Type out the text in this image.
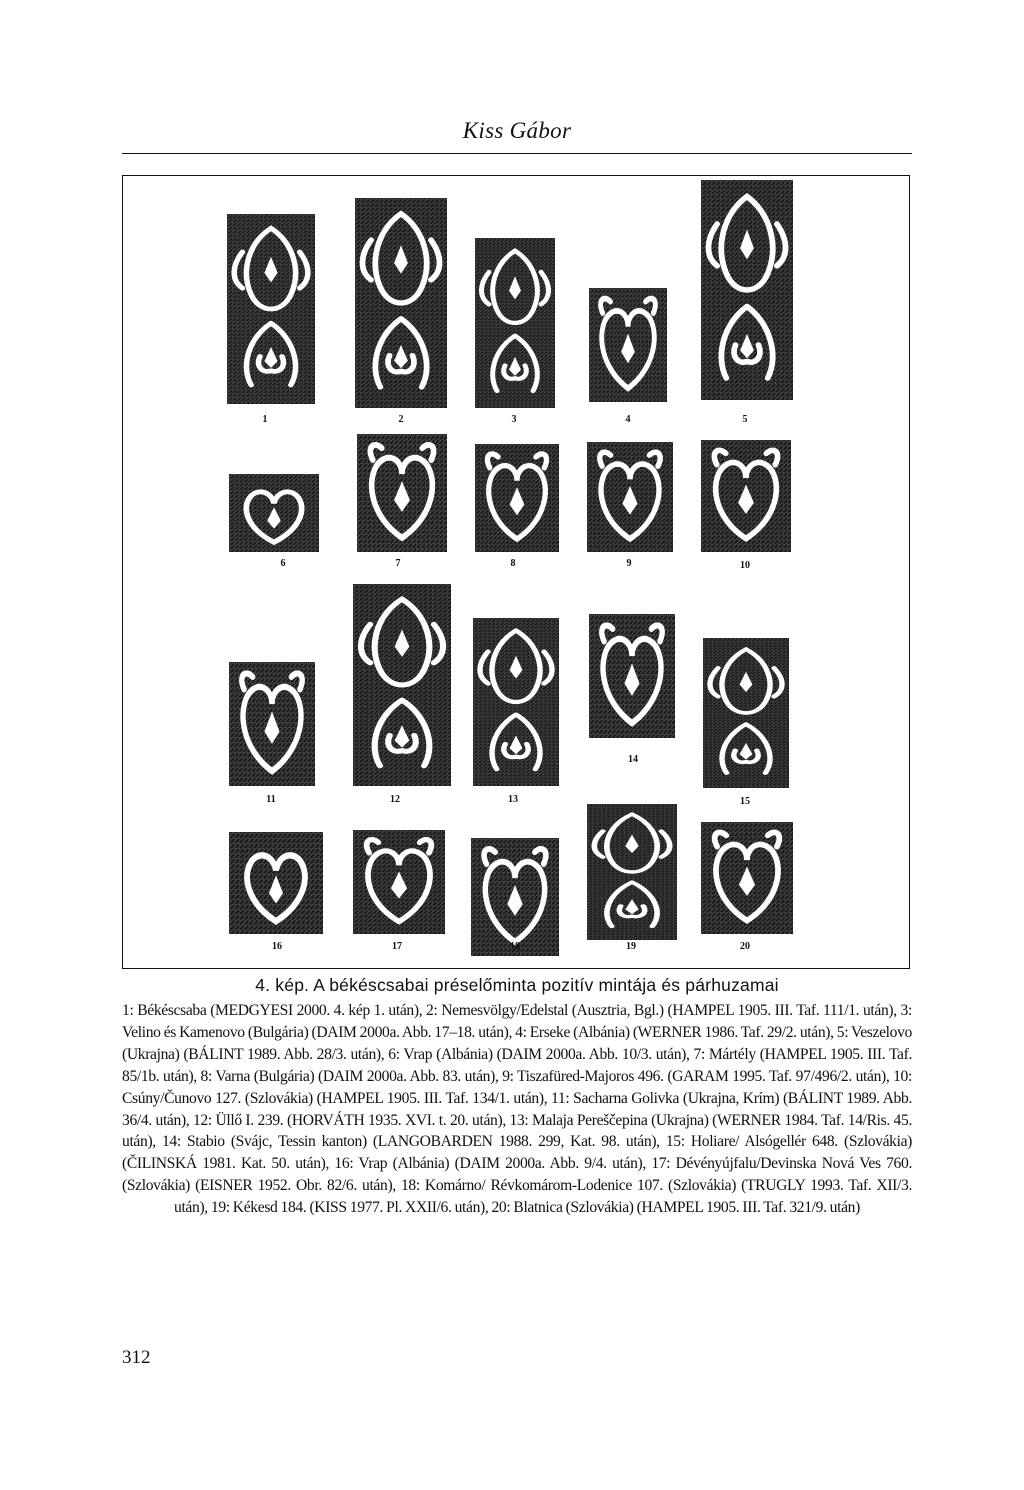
Kiss Gábor
1	2	3	4	5
6	7	8	9	10
14
11	12	13	15
16	17	18	19	20
4. kép. A békéscsabai préselőminta pozitív mintája és párhuzamai
1: Békéscsaba (MEDGYESI 2000. 4. kép 1. után), 2: Nemesvölgy/Edelstal (Ausztria, Bgl.) (HAMPEL 1905. III. Taf. 111/1. után), 3: Velino és Kamenovo (Bulgária) (DAIM 2000a. Abb. 17–18. után), 4: Erseke (Albánia) (WERNER 1986. Taf. 29/2. után), 5: Veszelovo (Ukrajna) (BÁLINT 1989. Abb. 28/3. után), 6: Vrap (Albánia) (DAIM 2000a. Abb. 10/3. után), 7: Mártély (HAMPEL 1905. III. Taf. 85/1b. után), 8: Varna (Bulgária) (DAIM 2000a. Abb. 83. után), 9: Tiszafüred-Majoros 496. (GARAM 1995. Taf. 97/496/2. után), 10: Csúny/Čunovo 127. (Szlovákia) (HAMPEL 1905. III. Taf. 134/1. után), 11: Sacharna Golivka (Ukrajna, Krím) (BÁLINT 1989. Abb. 36/4. után), 12: Üllő I. 239. (HORVÁTH 1935. XVI. t. 20. után), 13: Malaja Pereščepina (Ukrajna) (WERNER 1984. Taf. 14/Ris. 45. után), 14: Stabio (Svájc, Tessin kanton) (LANGOBARDEN 1988. 299, Kat. 98. után), 15: Holiare/ Alsógellér 648. (Szlovákia) (ČILINSKÁ 1981. Kat. 50. után), 16: Vrap (Albánia) (DAIM 2000a. Abb. 9/4. után), 17: Dévényújfalu/Devinska Nová Ves 760. (Szlovákia) (EISNER 1952. Obr. 82/6. után), 18: Komárno/ Révkomárom-Lodenice 107. (Szlovákia) (TRUGLY 1993. Taf. XII/3. után), 19: Kékesd 184. (KISS 1977. Pl. XXII/6. után), 20: Blatnica (Szlovákia) (HAMPEL 1905. III. Taf. 321/9. után)
312
